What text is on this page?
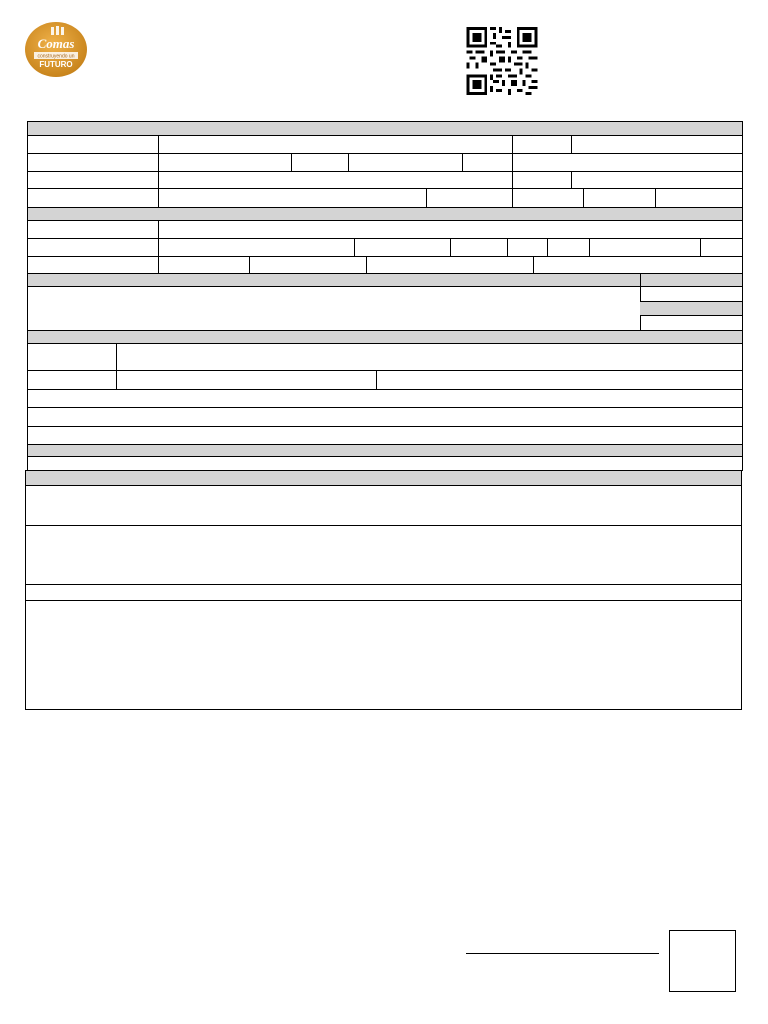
Comas
construyendo un
FUTURO
